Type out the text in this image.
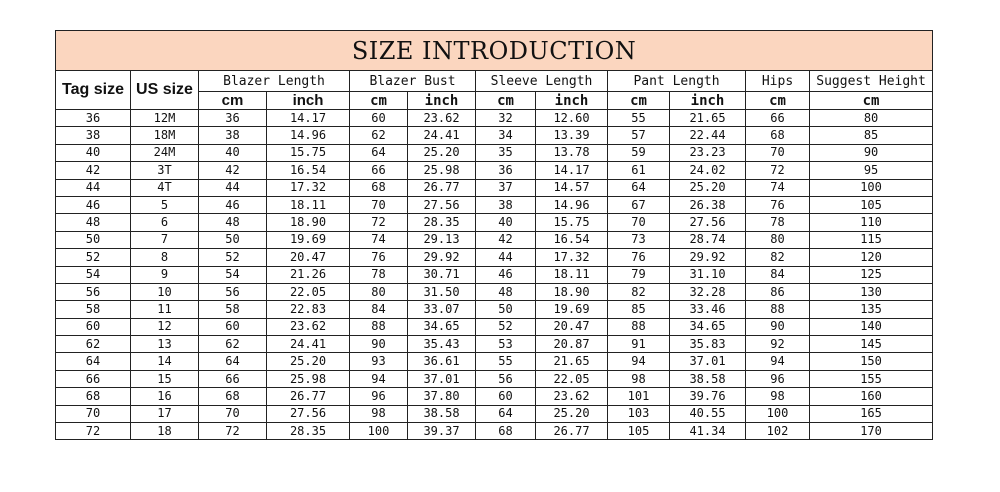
SIZE INTRODUCTION											
Tag size	US size	Blazer Length		Blazer Bust		Sleeve Length		Pant Length		Hips	Suggest Height
		cm	inch	cm	inch	cm	inch	cm	inch	cm	cm
36	12M	36	14.17	60	23.62	32	12.60	55	21.65	66	80
38	18M	38	14.96	62	24.41	34	13.39	57	22.44	68	85
40	24M	40	15.75	64	25.20	35	13.78	59	23.23	70	90
42	3T	42	16.54	66	25.98	36	14.17	61	24.02	72	95
44	4T	44	17.32	68	26.77	37	14.57	64	25.20	74	100
46	5	46	18.11	70	27.56	38	14.96	67	26.38	76	105
48	6	48	18.90	72	28.35	40	15.75	70	27.56	78	110
50	7	50	19.69	74	29.13	42	16.54	73	28.74	80	115
52	8	52	20.47	76	29.92	44	17.32	76	29.92	82	120
54	9	54	21.26	78	30.71	46	18.11	79	31.10	84	125
56	10	56	22.05	80	31.50	48	18.90	82	32.28	86	130
58	11	58	22.83	84	33.07	50	19.69	85	33.46	88	135
60	12	60	23.62	88	34.65	52	20.47	88	34.65	90	140
62	13	62	24.41	90	35.43	53	20.87	91	35.83	92	145
64	14	64	25.20	93	36.61	55	21.65	94	37.01	94	150
66	15	66	25.98	94	37.01	56	22.05	98	38.58	96	155
68	16	68	26.77	96	37.80	60	23.62	101	39.76	98	160
70	17	70	27.56	98	38.58	64	25.20	103	40.55	100	165
72	18	72	28.35	100	39.37	68	26.77	105	41.34	102	170
